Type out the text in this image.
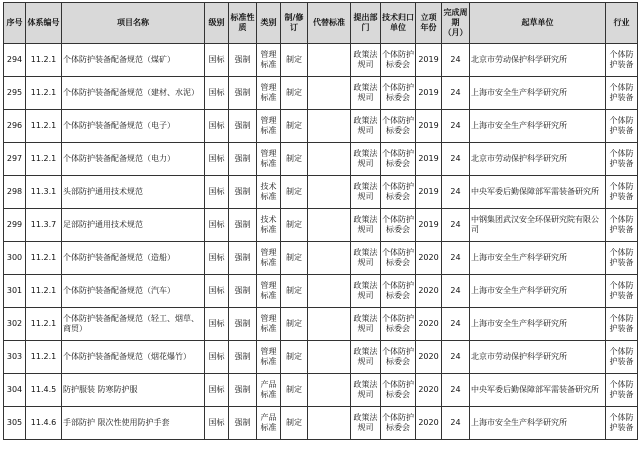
序号	体系编号	项目名称	级别	标准性质	类别	制/修订	代替标准	提出部门	技术归口单位	立项年份	完成周期（月）	起草单位	行业
294	11.2.1	个体防护装备配备规范（煤矿）	国标	强制	管理标准	制定		政策法规司	个体防护标委会	2019	24	北京市劳动保护科学研究所	个体防护装备
295	11.2.1	个体防护装备配备规范（建材、水泥）	国标	强制	管理标准	制定		政策法规司	个体防护标委会	2019	24	上海市安全生产科学研究所	个体防护装备
296	11.2.1	个体防护装备配备规范（电子）	国标	强制	管理标准	制定		政策法规司	个体防护标委会	2019	24	上海市安全生产科学研究所	个体防护装备
297	11.2.1	个体防护装备配备规范（电力）	国标	强制	管理标准	制定		政策法规司	个体防护标委会	2019	24	北京市劳动保护科学研究所	个体防护装备
298	11.3.1	头部防护通用技术规范	国标	强制	技术标准	制定		政策法规司	个体防护标委会	2019	24	中央军委后勤保障部军需装备研究所	个体防护装备
299	11.3.7	足部防护通用技术规范	国标	强制	技术标准	制定		政策法规司	个体防护标委会	2019	24	中钢集团武汉安全环保研究院有限公司	个体防护装备
300	11.2.1	个体防护装备配备规范（造船）	国标	强制	管理标准	制定		政策法规司	个体防护标委会	2020	24	上海市安全生产科学研究所	个体防护装备
301	11.2.1	个体防护装备配备规范（汽车）	国标	强制	管理标准	制定		政策法规司	个体防护标委会	2020	24	上海市安全生产科学研究所	个体防护装备
302	11.2.1	个体防护装备配备规范（轻工、烟草、商贸）	国标	强制	管理标准	制定		政策法规司	个体防护标委会	2020	24	上海市安全生产科学研究所	个体防护装备
303	11.2.1	个体防护装备配备规范（烟花爆竹）	国标	强制	管理标准	制定		政策法规司	个体防护标委会	2020	24	北京市劳动保护科学研究所	个体防护装备
304	11.4.5	防护服装 防寒防护服	国标	强制	产品标准	制定		政策法规司	个体防护标委会	2020	24	中央军委后勤保障部军需装备研究所	个体防护装备
305	11.4.6	手部防护 限次性使用防护手套	国标	强制	产品标准	制定		政策法规司	个体防护标委会	2020	24	上海市安全生产科学研究所	个体防护装备
